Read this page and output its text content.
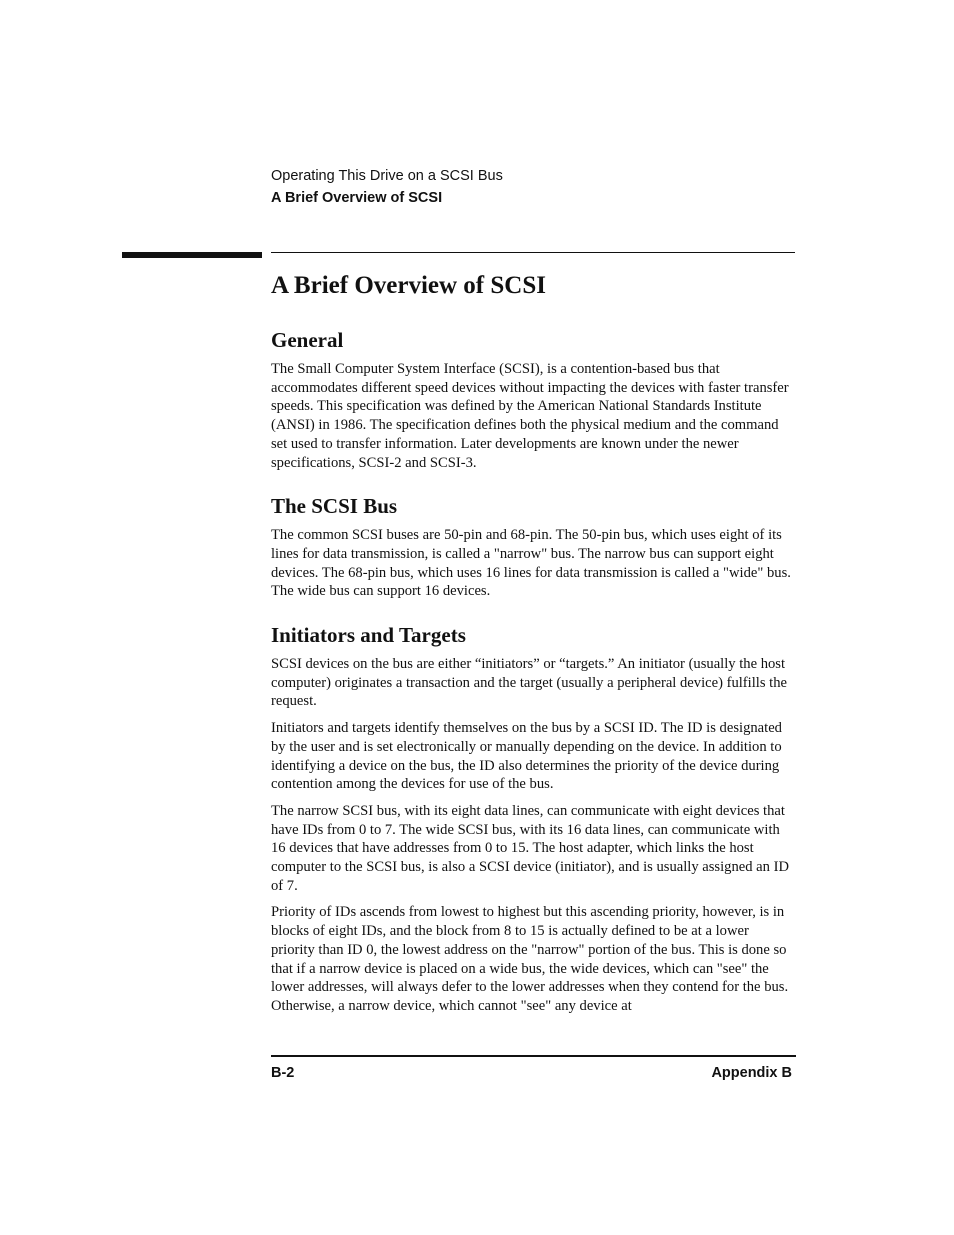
Operating This Drive on a SCSI Bus
A Brief Overview of SCSI
A Brief Overview of SCSI
General

The Small Computer System Interface (SCSI), is a contention-based bus that accommodates different speed devices without impacting the devices with faster transfer speeds. This specification was defined by the American National Standards Institute (ANSI) in 1986. The specification defines both the physical medium and the command set used to transfer information. Later developments are known under the newer specifications, SCSI-2 and SCSI-3.

The SCSI Bus

The common SCSI buses are 50-pin and 68-pin. The 50-pin bus, which uses eight of its lines for data transmission, is called a "narrow" bus. The narrow bus can support eight devices. The 68-pin bus, which uses 16 lines for data transmission is called a "wide" bus. The wide bus can support 16 devices.

Initiators and Targets

SCSI devices on the bus are either “initiators” or “targets.” An initiator (usually the host computer) originates a transaction and the target (usually a peripheral device) fulfills the request.

Initiators and targets identify themselves on the bus by a SCSI ID. The ID is designated by the user and is set electronically or manually depending on the device. In addition to identifying a device on the bus, the ID also determines the priority of the device during contention among the devices for use of the bus.

The narrow SCSI bus, with its eight data lines, can communicate with eight devices that have IDs from 0 to 7. The wide SCSI bus, with its 16 data lines, can communicate with 16 devices that have addresses from 0 to 15. The host adapter, which links the host computer to the SCSI bus, is also a SCSI device (initiator), and is usually assigned an ID of 7.

Priority of IDs ascends from lowest to highest but this ascending priority, however, is in blocks of eight IDs, and the block from 8 to 15 is actually defined to be at a lower priority than ID 0, the lowest address on the "narrow" portion of the bus. This is done so that if a narrow device is placed on a wide bus, the wide devices, which can "see" the lower addresses, will always defer to the lower addresses when they contend for the bus. Otherwise, a narrow device, which cannot "see" any device at

B-2	Appendix B
